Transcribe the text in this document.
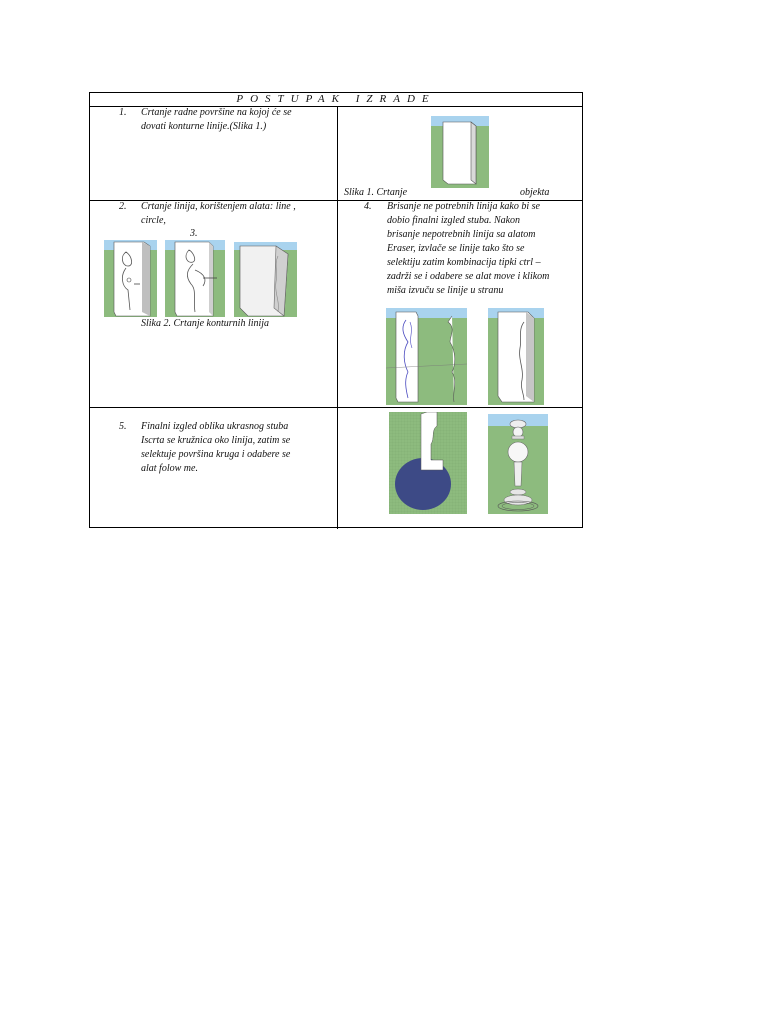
POSTUPAK IZRADE
1. Crtanje radne površine na kojoj će se
dovati konturne linije.(Slika 1.)
Slika 1. Crtanje	objekta
2. Crtanje linija, korištenjem alata: line ,
circle,
3.
Slika 2. Crtanje konturnih linija
4. Brisanje ne potrebnih linija kako bi se
dobio finalni izgled stuba. Nakon
brisanje nepotrebnih linija sa alatom
Eraser, izvlače se linije tako što se
selektiju zatim kombinacija tipki ctrl –
zadrži se i odabere se alat move i klikom
miša izvuču se linije u stranu
5. Finalni izgled oblika ukrasnog stuba
Iscrta se kružnica oko linija, zatim se
selektuje površina kruga i odabere se
alat folow me.
